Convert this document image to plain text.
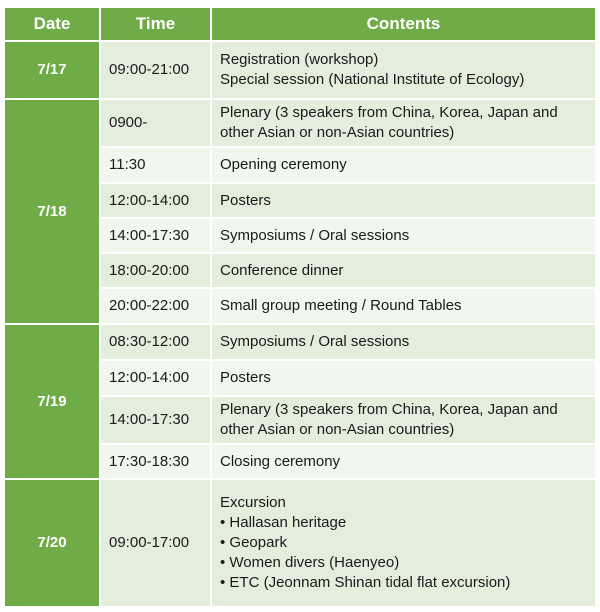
Date	Time	Contents
7/17	09:00-21:00	Registration (workshop)
Special session (National Institute of Ecology)

7/18	0900-	Plenary (3 speakers from China, Korea, Japan and
other Asian or non-Asian countries)

	11:30	Opening ceremony

	12:00-14:00	Posters

	14:00-17:30	Symposiums / Oral sessions

	18:00-20:00	Conference dinner

	20:00-22:00	Small group meeting / Round Tables

7/19	08:30-12:00	Symposiums / Oral sessions

	12:00-14:00	Posters

	14:00-17:30	Plenary (3 speakers from China, Korea, Japan and
other Asian or non-Asian countries)

	17:30-18:30	Closing ceremony

7/20	09:00-17:00	Excursion
• Hallasan heritage
• Geopark
• Women divers (Haenyeo)
• ETC (Jeonnam Shinan tidal flat excursion)
